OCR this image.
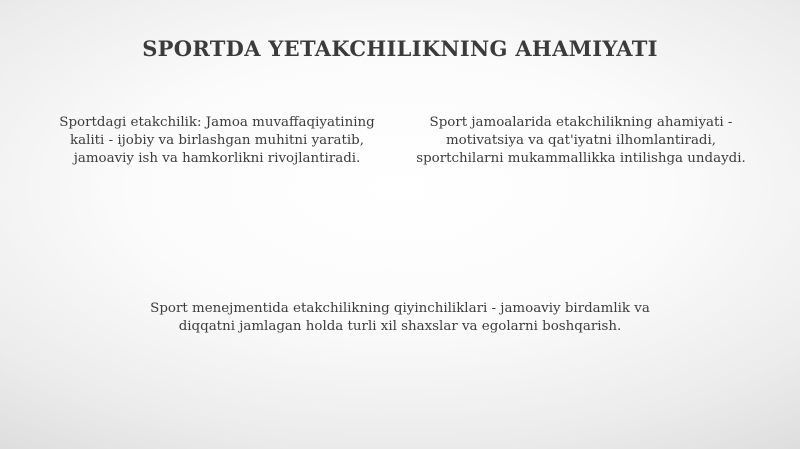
SPORTDA YETAKCHILIKNING AHAMIYATI

Sportdagi etakchilik: Jamoa muvaffaqiyatining kaliti - ijobiy va birlashgan muhitni yaratib, jamoaviy ish va hamkorlikni rivojlantiradi.

Sport jamoalarida etakchilikning ahamiyati - motivatsiya va qat'iyatni ilhomlantiradi, sportchilarni mukammallikka intilishga undaydi.

Sport menejmentida etakchilikning qiyinchiliklari - jamoaviy birdamlik va diqqatni jamlagan holda turli xil shaxslar va egolarni boshqarish.
